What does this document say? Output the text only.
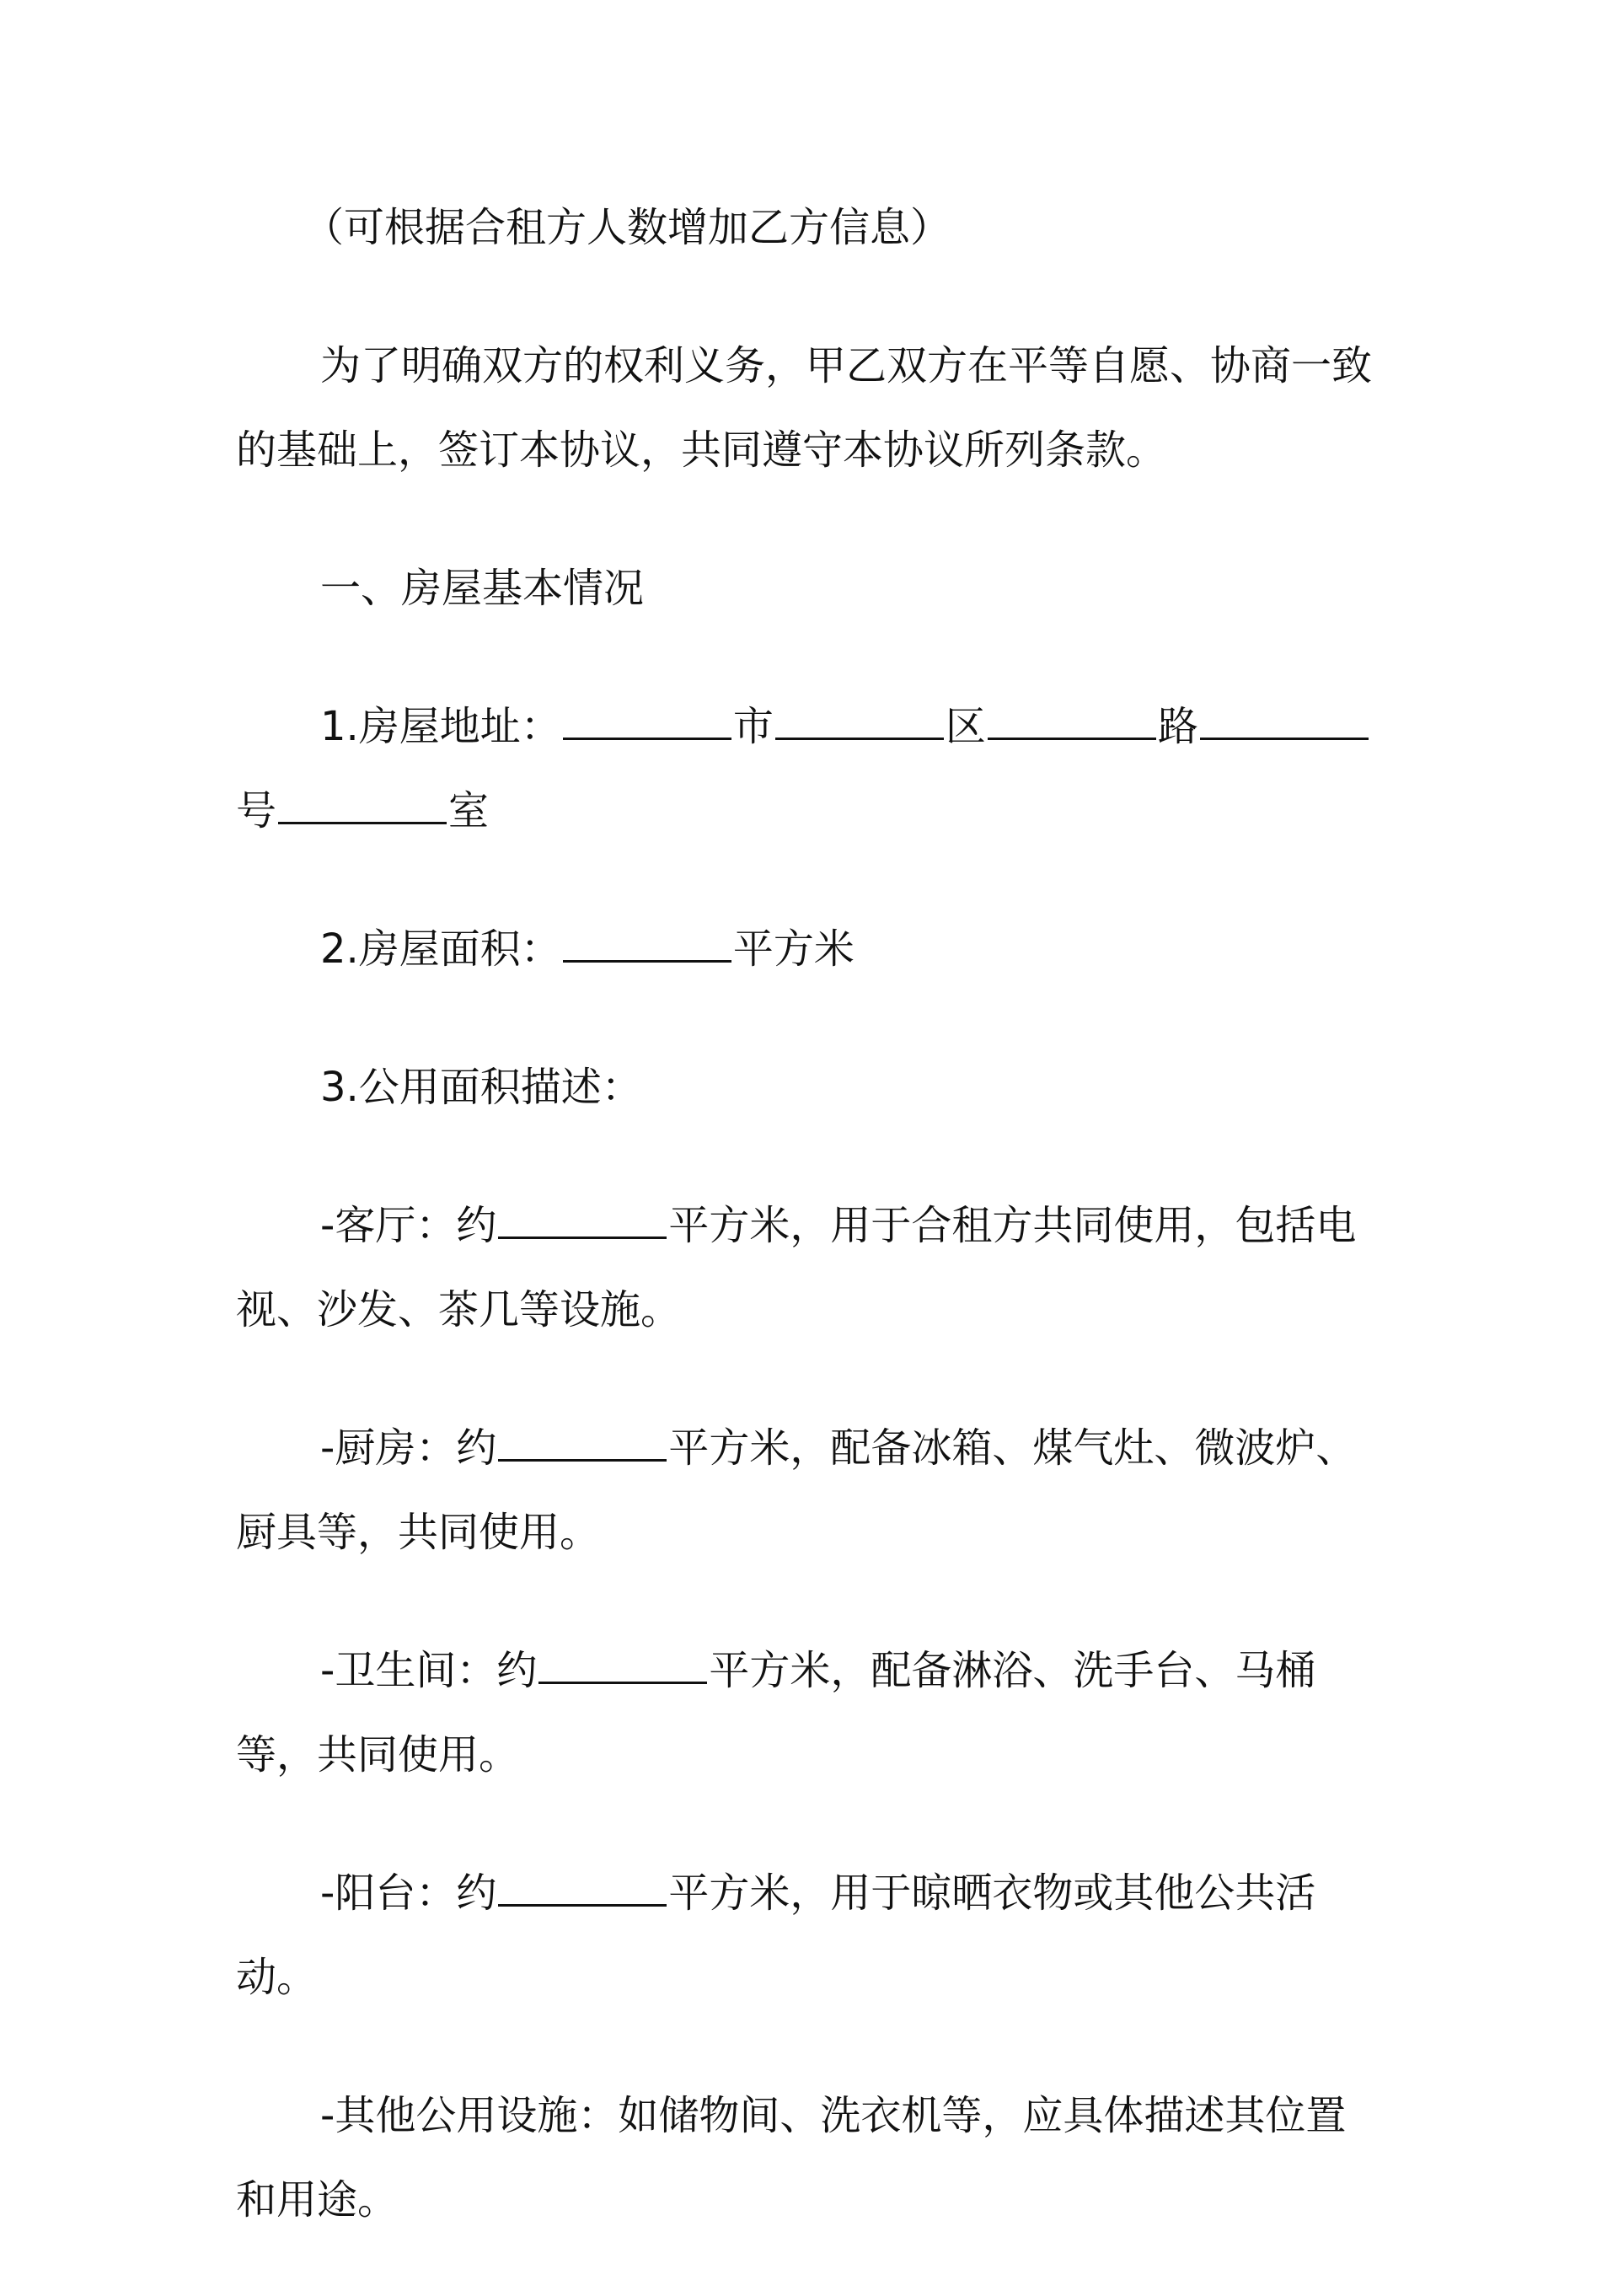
（可根据合租方人数增加乙方信息）

为了明确双方的权利义务，甲乙双方在平等自愿、协商一致的基础上，签订本协议，共同遵守本协议所列条款。

一、房屋基本情况

1.房屋地址：	市	区	路号	室

2.房屋面积：	平方米

3.公用面积描述：

-客厅：约	平方米，用于合租方共同使用，包括电视、沙发、茶几等设施。

-厨房：约	平方米，配备冰箱、煤气灶、微波炉、厨具等，共同使用。

-卫生间：约	平方米，配备淋浴、洗手台、马桶等，共同使用。

-阳台：约	平方米，用于晾晒衣物或其他公共活动。

-其他公用设施：如储物间、洗衣机等，应具体描述其位置和用途。
